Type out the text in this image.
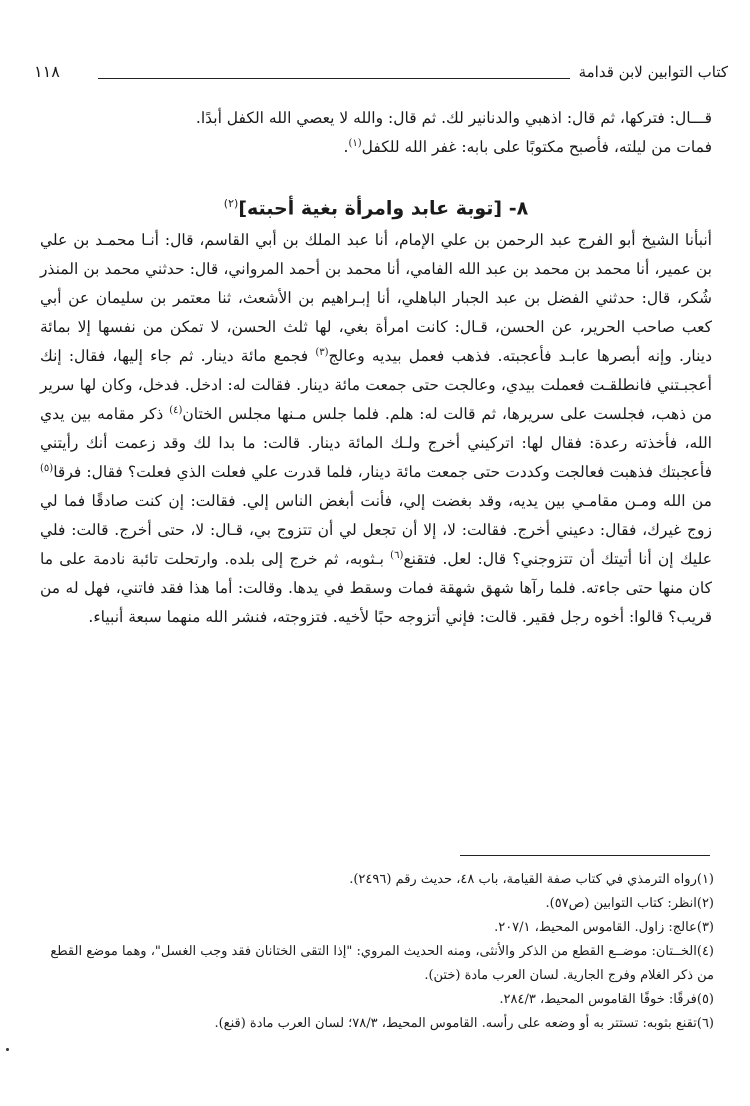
كتاب التوابين لابن قدامة
١١٨

قـــال: فتركها، ثم قال: اذهبي والدنانير لك. ثم قال: والله لا يعصي الله الكفل أبدًا.

فمات من ليلته، فأصبح مكتوبًا على بابه: غفر الله للكفل$^{(١)}$.

٨- [توبة عابد وامرأة بغية أحبته]$^{(٢)}$

أنبأنا الشيخ أبو الفرج عبد الرحمن بن علي الإمام، أنا عبد الملك بن أبي القاسم، قال: أنـا محمـد بن علي بن عمير، أنا محمد بن محمد بن عبد الله الفامي، أنا محمد بن أحمد المرواني، قال: حدثني محمد بن المنذر شُكر، قال: حدثني الفضل بن عبد الجبار الباهلي، أنا إبـراهيم بن الأشعث، ثنا معتمر بن سليمان عن أبي كعب صاحب الحرير، عن الحسن، قـال: كانت امرأة بغي، لها ثلث الحسن، لا تمكن من نفسها إلا بمائة دينار. وإنه أبصرها عابـد فأعجبته. فذهب فعمل بيديه وعالج$^{(٣)}$ فجمع مائة دينار. ثم جاء إليها، فقال: إنك أعجبـتني فانطلقـت فعملت بيدي، وعالجت حتى جمعت مائة دينار. فقالت له: ادخل. فدخل، وكان لها سرير من ذهب، فجلست على سريرها، ثم قالت له: هلم. فلما جلس مـنها مجلس الختان$^{(٤)}$ ذكر مقامه بين يدي الله، فأخذته رعدة: فقال لها: اتركيني أخرج ولـك المائة دينار. قالت: ما بدا لك وقد زعمت أنك رأيتني فأعجبتك فذهبت فعالجت وكددت حتى جمعت مائة دينار، فلما قدرت علي فعلت الذي فعلت؟ فقال: فرقا$^{(٥)}$ من الله ومـن مقامـي بين يديه، وقد بغضت إلي، فأنت أبغض الناس إلي. فقالت: إن كنت صادقًا فما لي زوج غيرك، فقال: دعيني أخرج. فقالت: لا، إلا أن تجعل لي أن تتزوج بي، قـال: لا، حتى أخرج. قالت: فلي عليك إن أنا أتيتك أن تتزوجني؟ قال: لعل. فتقنع$^{(٦)}$ بـثوبه، ثم خرج إلى بلده. وارتحلت تائبة نادمة على ما كان منها حتى جاءته. فلما رآها شهق شهقة فمات وسقط في يدها. وقالت: أما هذا فقد فاتني، فهل له من قريب؟ قالوا: أخوه رجل فقير. قالت: فإني أتزوجه حبًا لأخيه. فتزوجته، فنشر الله منهما سبعة أنبياء.

(١)رواه الترمذي في كتاب صفة القيامة، باب ٤٨، حديث رقم (٢٤٩٦).

(٢)انظر: كتاب التوابين (ص٥٧).

(٣)عالج: زاول. القاموس المحيط، ٢٠٧/١.

(٤)الخــتان: موضــع القطع من الذكر والأنثى، ومنه الحديث المروي: "إذا التقى الختانان فقد وجب الغسل"، وهما موضع القطع من ذكر الغلام وفرج الجارية. لسان العرب مادة (ختن).

(٥)فرقًا: خوفًا القاموس المحيط، ٢٨٤/٣.

(٦)تقنع بثوبه: تستتر به أو وضعه على رأسه. القاموس المحيط، ٧٨/٣؛ لسان العرب مادة (قنع).
